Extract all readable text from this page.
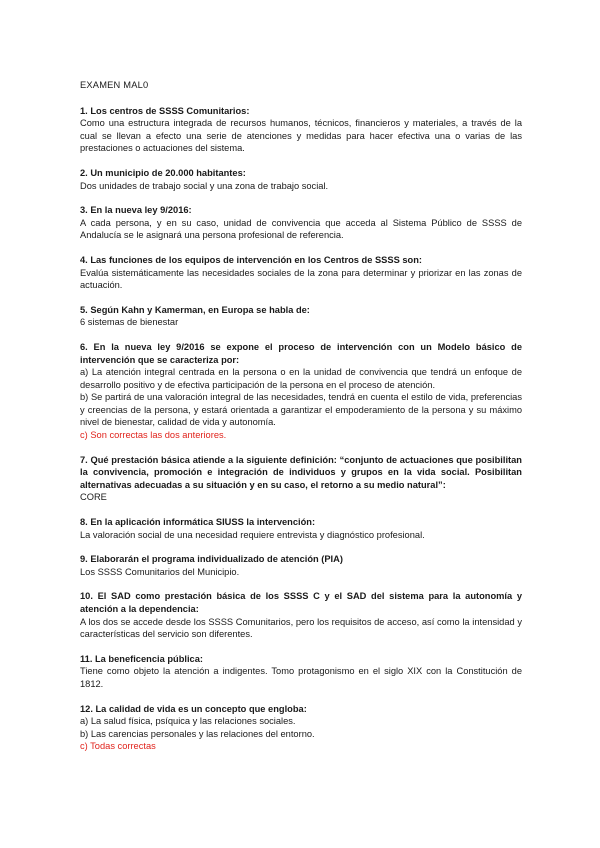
EXAMEN MAL0

1. Los centros de SSSS Comunitarios:

Como una estructura integrada de recursos humanos, técnicos, financieros y materiales, a través de la cual se llevan a efecto una serie de atenciones y medidas para hacer efectiva una o varias de las prestaciones o actuaciones del sistema.

2. Un municipio de 20.000 habitantes:

Dos unidades de trabajo social y una zona de trabajo social.

3. En la nueva ley 9/2016:

A cada persona, y en su caso, unidad de convivencia que acceda al Sistema Público de SSSS de Andalucía se le asignará una persona profesional de referencia.

4. Las funciones de los equipos de intervención en los Centros de SSSS son:

Evalúa sistemáticamente las necesidades sociales de la zona para determinar y priorizar en las zonas de actuación.

5. Según Kahn y Kamerman, en Europa se habla de:

6 sistemas de bienestar

6. En la nueva ley 9/2016 se expone el proceso de intervención con un Modelo básico de intervención que se caracteriza por:

a) La atención integral centrada en la persona o en la unidad de convivencia que tendrá un enfoque de desarrollo positivo y de efectiva participación de la persona en el proceso de atención.

b) Se partirá de una valoración integral de las necesidades, tendrá en cuenta el estilo de vida, preferencias y creencias de la persona, y estará orientada a garantizar el empoderamiento de la persona y su máximo nivel de bienestar, calidad de vida y autonomía.

c) Son correctas las dos anteriores.

7. Qué prestación básica atiende a la siguiente definición: “conjunto de actuaciones que posibilitan la convivencia, promoción e integración de individuos y grupos en la vida social. Posibilitan alternativas adecuadas a su situación y en su caso, el retorno a su medio natural”:

CORE

8. En la aplicación informática SIUSS la intervención:

La valoración social de una necesidad requiere entrevista y diagnóstico profesional.

9. Elaborarán el programa individualizado de atención (PIA)

Los SSSS Comunitarios del Municipio.

10. El SAD como prestación básica de los SSSS C y el SAD del sistema para la autonomía y atención a la dependencia:

A los dos se accede desde los SSSS Comunitarios, pero los requisitos de acceso, así como la intensidad y características del servicio son diferentes.

11. La beneficencia pública:

Tiene como objeto la atención a indigentes. Tomo protagonismo en el siglo XIX con la Constitución de 1812.

12. La calidad de vida es un concepto que engloba:

a) La salud física, psíquica y las relaciones sociales.

b) Las carencias personales y las relaciones del entorno.

c) Todas correctas
